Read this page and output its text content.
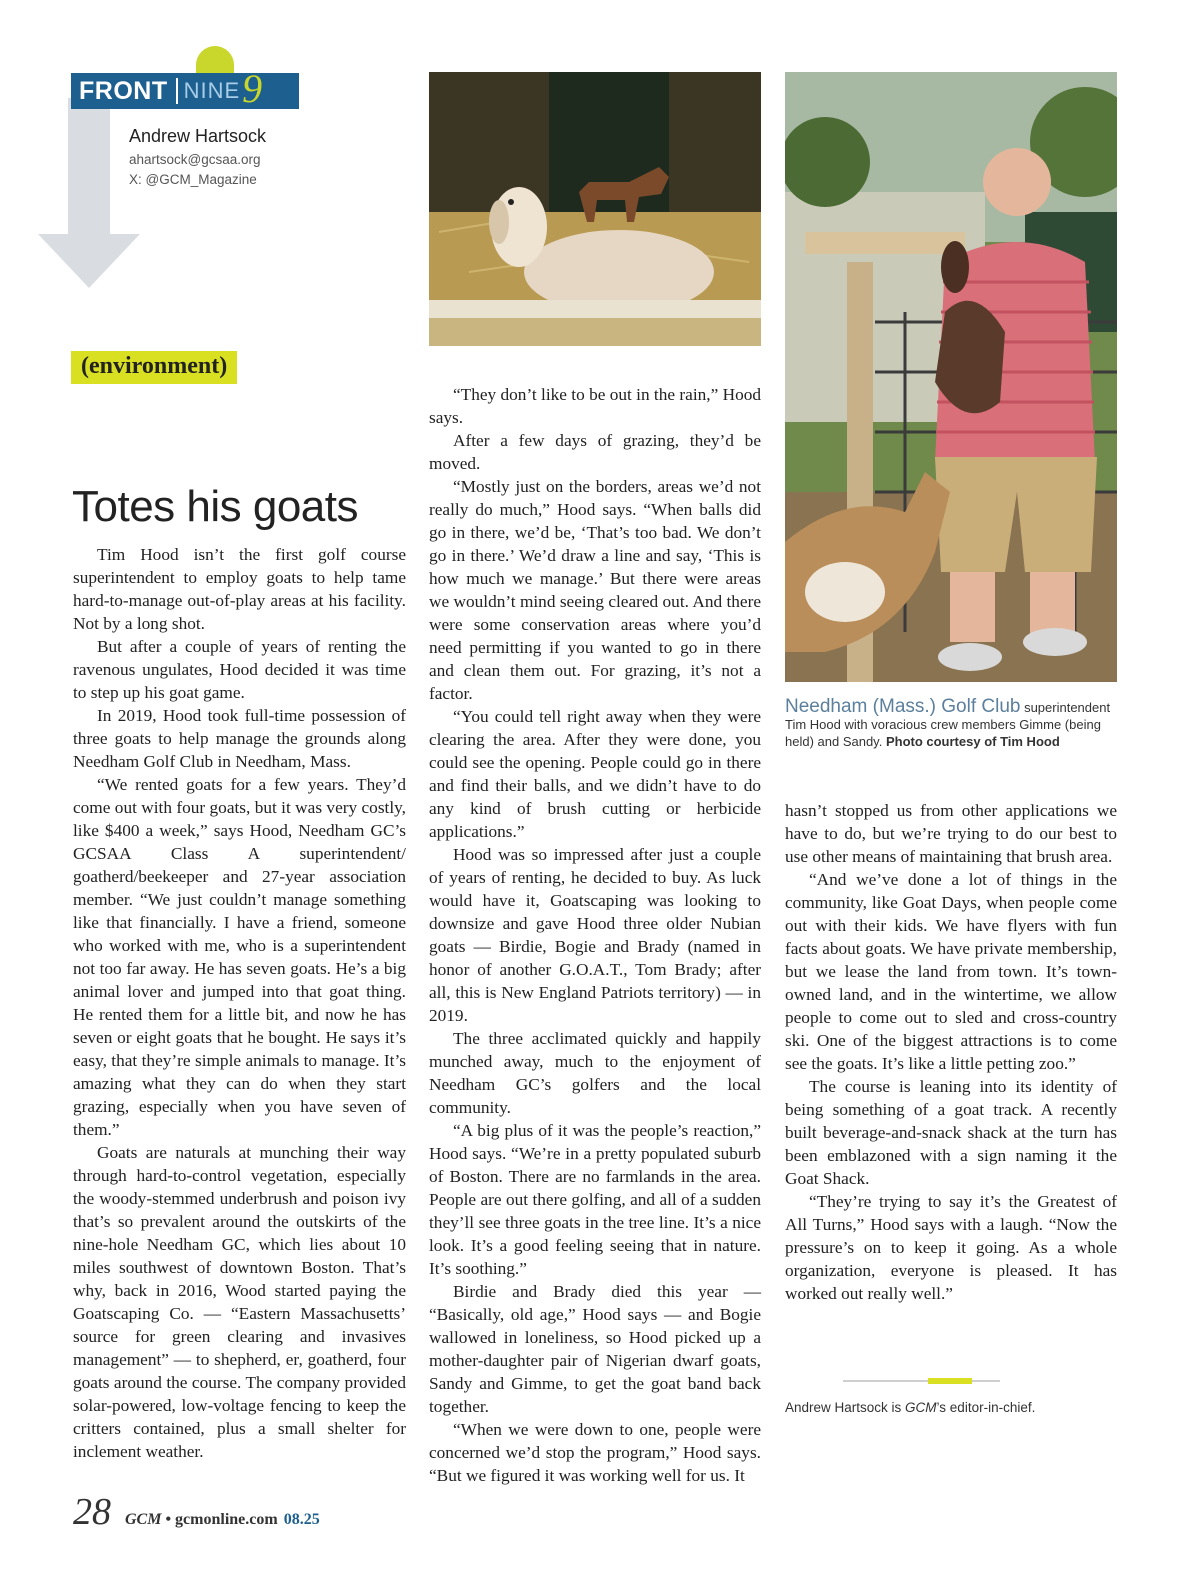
FRONT NINE 9
Andrew Hartsock
ahartsock@gcsaa.org
X: @GCM_Magazine
(environment)
Totes his goats

Tim Hood isn’t the first golf course superintendent to employ goats to help tame hard-to-manage out-of-play areas at his facility. Not by a long shot.

But after a couple of years of renting the ravenous ungulates, Hood decided it was time to step up his goat game.

In 2019, Hood took full-time possession of three goats to help manage the grounds along Needham Golf Club in Needham, Mass.

“We rented goats for a few years. They’d come out with four goats, but it was very costly, like $400 a week,” says Hood, Needham GC’s GCSAA Class A superintendent/ goatherd/beekeeper and 27-year association member. “We just couldn’t manage something like that financially. I have a friend, someone who worked with me, who is a superintendent not too far away. He has seven goats. He’s a big animal lover and jumped into that goat thing. He rented them for a little bit, and now he has seven or eight goats that he bought. He says it’s easy, that they’re simple animals to manage. It’s amazing what they can do when they start grazing, especially when you have seven of them.”

Goats are naturals at munching their way through hard-to-control vegetation, especially the woody-stemmed underbrush and poison ivy that’s so prevalent around the outskirts of the nine-hole Needham GC, which lies about 10 miles southwest of downtown Boston. That’s why, back in 2016, Wood started paying the Goatscaping Co. — “Eastern Massachusetts’ source for green clearing and invasives management” — to shepherd, er, goatherd, four goats around the course. The company provided solar-powered, low-voltage fencing to keep the critters contained, plus a small shelter for inclement weather.

“They don’t like to be out in the rain,” Hood says.

After a few days of grazing, they’d be moved.

“Mostly just on the borders, areas we’d not really do much,” Hood says. “When balls did go in there, we’d be, ‘That’s too bad. We don’t go in there.’ We’d draw a line and say, ‘This is how much we manage.’ But there were areas we wouldn’t mind seeing cleared out. And there were some conservation areas where you’d need permitting if you wanted to go in there and clean them out. For grazing, it’s not a factor.

“You could tell right away when they were clearing the area. After they were done, you could see the opening. People could go in there and find their balls, and we didn’t have to do any kind of brush cutting or herbicide applications.”

Hood was so impressed after just a couple of years of renting, he decided to buy. As luck would have it, Goatscaping was looking to downsize and gave Hood three older Nubian goats — Birdie, Bogie and Brady (named in honor of another G.O.A.T., Tom Brady; after all, this is New England Patriots territory) — in 2019.

The three acclimated quickly and happily munched away, much to the enjoyment of Needham GC’s golfers and the local community.

“A big plus of it was the people’s reaction,” Hood says. “We’re in a pretty populated suburb of Boston. There are no farmlands in the area. People are out there golfing, and all of a sudden they’ll see three goats in the tree line. It’s a nice look. It’s a good feeling seeing that in nature. It’s soothing.”

Birdie and Brady died this year — “Basically, old age,” Hood says — and Bogie wallowed in loneliness, so Hood picked up a mother-daughter pair of Nigerian dwarf goats, Sandy and Gimme, to get the goat band back together.

“When we were down to one, people were concerned we’d stop the program,” Hood says. “But we figured it was working well for us. It

Needham (Mass.) Golf Club superintendent Tim Hood with voracious crew members Gimme (being held) and Sandy. Photo courtesy of Tim Hood

hasn’t stopped us from other applications we have to do, but we’re trying to do our best to use other means of maintaining that brush area.

“And we’ve done a lot of things in the community, like Goat Days, when people come out with their kids. We have flyers with fun facts about goats. We have private membership, but we lease the land from town. It’s town-owned land, and in the wintertime, we allow people to come out to sled and cross-country ski. One of the biggest attractions is to come see the goats. It’s like a little petting zoo.”

The course is leaning into its identity of being something of a goat track. A recently built beverage-and-snack shack at the turn has been emblazoned with a sign naming it the Goat Shack.

“They’re trying to say it’s the Greatest of All Turns,” Hood says with a laugh. “Now the pressure’s on to keep it going. As a whole organization, everyone is pleased. It has worked out really well.”

Andrew Hartsock is GCM’s editor-in-chief.
28 GCM • gcmonline.com 08.25
